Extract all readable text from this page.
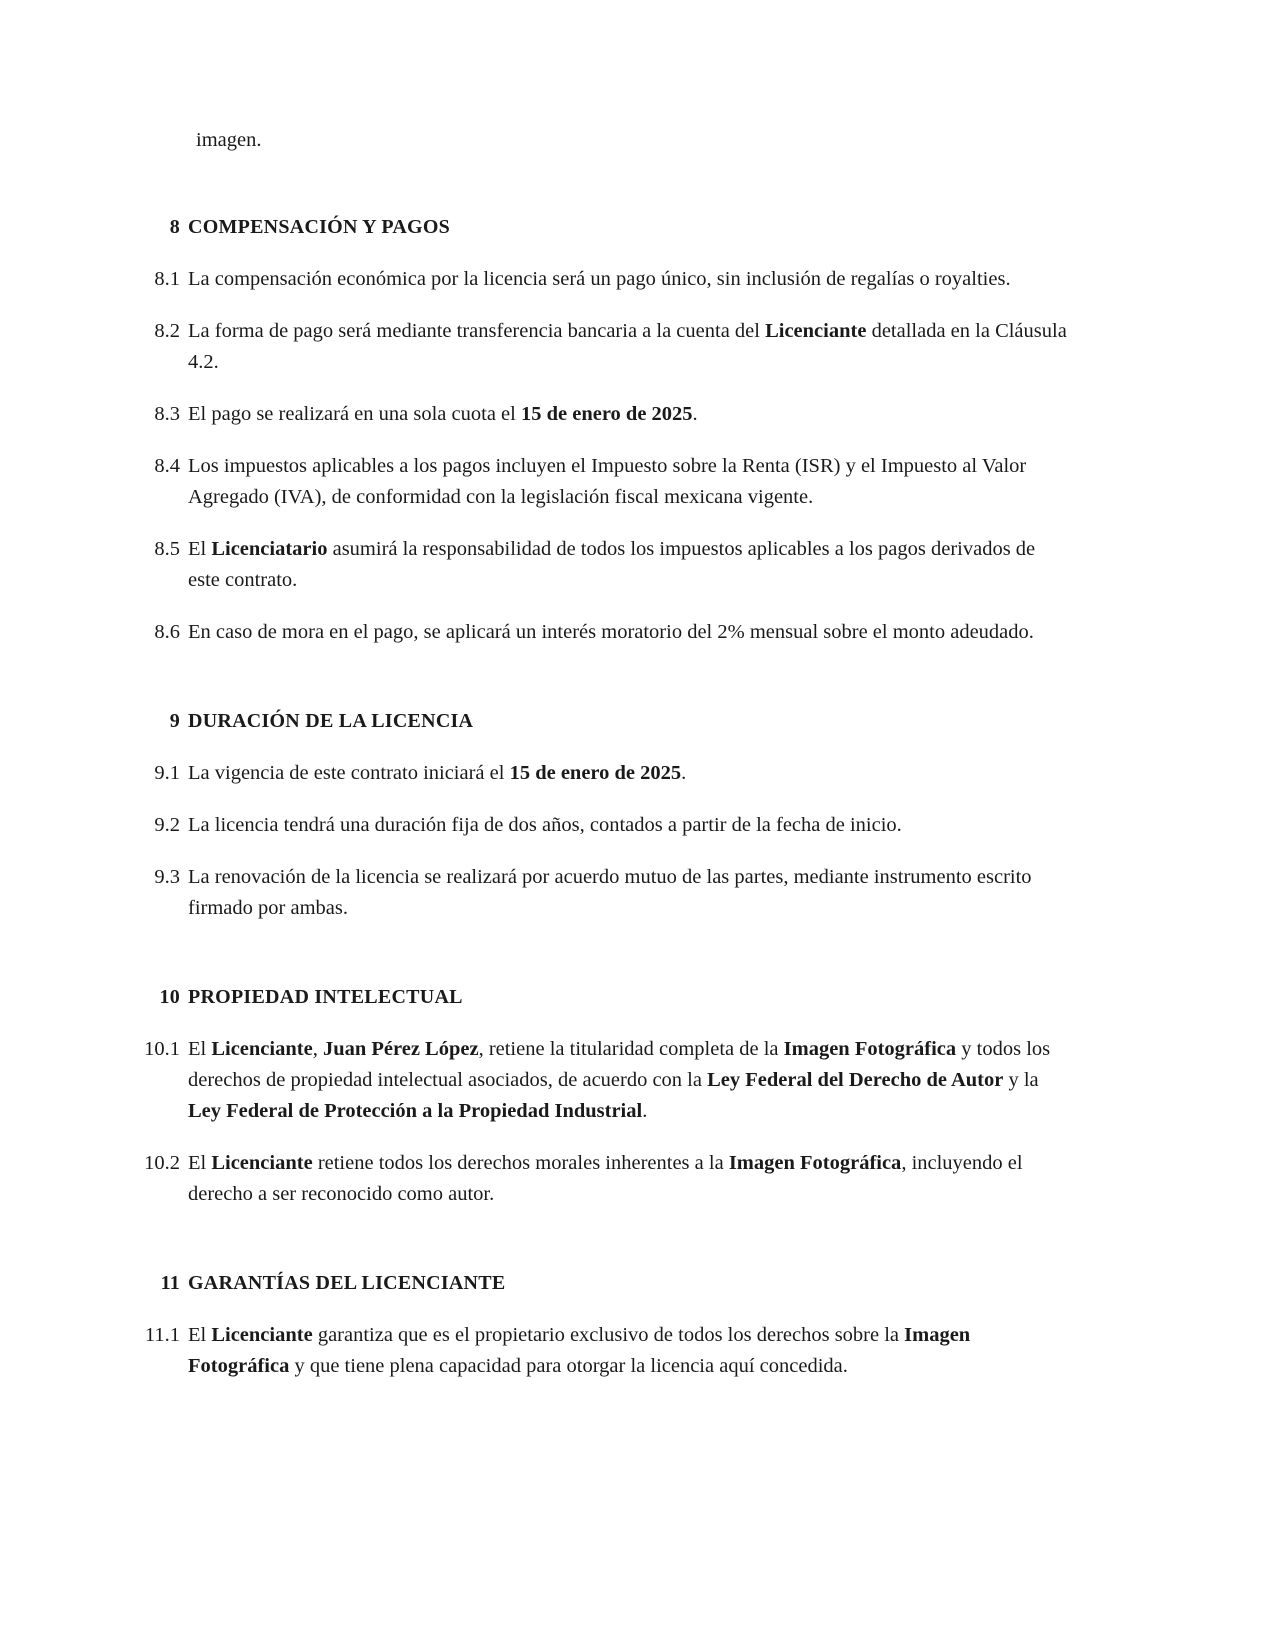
imagen.

8 COMPENSACIÓN Y PAGOS
8.1 La compensación económica por la licencia será un pago único, sin inclusión de regalías o royalties.
8.2 La forma de pago será mediante transferencia bancaria a la cuenta del Licenciante detallada en la Cláusula 4.2.
8.3 El pago se realizará en una sola cuota el 15 de enero de 2025.
8.4 Los impuestos aplicables a los pagos incluyen el Impuesto sobre la Renta (ISR) y el Impuesto al Valor Agregado (IVA), de conformidad con la legislación fiscal mexicana vigente.
8.5 El Licenciatario asumirá la responsabilidad de todos los impuestos aplicables a los pagos derivados de este contrato.
8.6 En caso de mora en el pago, se aplicará un interés moratorio del 2% mensual sobre el monto adeudado.
9 DURACIÓN DE LA LICENCIA
9.1 La vigencia de este contrato iniciará el 15 de enero de 2025.
9.2 La licencia tendrá una duración fija de dos años, contados a partir de la fecha de inicio.
9.3 La renovación de la licencia se realizará por acuerdo mutuo de las partes, mediante instrumento escrito firmado por ambas.
10 PROPIEDAD INTELECTUAL
10.1 El Licenciante, Juan Pérez López, retiene la titularidad completa de la Imagen Fotográfica y todos los derechos de propiedad intelectual asociados, de acuerdo con la Ley Federal del Derecho de Autor y la Ley Federal de Protección a la Propiedad Industrial.
10.2 El Licenciante retiene todos los derechos morales inherentes a la Imagen Fotográfica, incluyendo el derecho a ser reconocido como autor.
11 GARANTÍAS DEL LICENCIANTE
11.1 El Licenciante garantiza que es el propietario exclusivo de todos los derechos sobre la Imagen Fotográfica y que tiene plena capacidad para otorgar la licencia aquí concedida.
